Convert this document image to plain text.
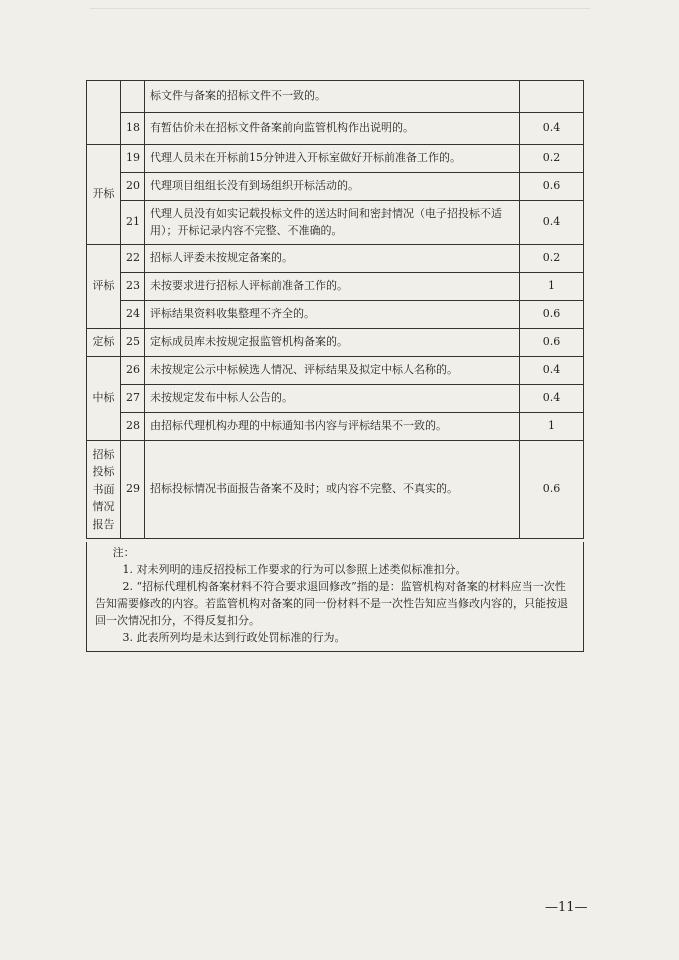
		标文件与备案的招标文件不一致的。	
	18	有暂估价未在招标文件备案前向监管机构作出说明的。	0.4
开标	19	代理人员未在开标前15分钟进入开标室做好开标前准备工作的。	0.2
	20	代理项目组组长没有到场组织开标活动的。	0.6
	21	代理人员没有如实记载投标文件的送达时间和密封情况（电子招投标不适用）；开标记录内容不完整、不准确的。	0.4
评标	22	招标人评委未按规定备案的。	0.2
	23	未按要求进行招标人评标前准备工作的。	1
	24	评标结果资料收集整理不齐全的。	0.6
定标	25	定标成员库未按规定报监管机构备案的。	0.6
中标	26	未按规定公示中标候选人情况、评标结果及拟定中标人名称的。	0.4
	27	未按规定发布中标人公告的。	0.4
	28	由招标代理机构办理的中标通知书内容与评标结果不一致的。	1
招标投标书面情况报告	29	招标投标情况书面报告备案不及时；或内容不完整、不真实的。	0.6

注：

1. 对未列明的违反招投标工作要求的行为可以参照上述类似标准扣分。

2. “招标代理机构备案材料不符合要求退回修改”指的是：监管机构对备案的材料应当一次性告知需要修改的内容。若监管机构对备案的同一份材料不是一次性告知应当修改内容的，只能按退回一次情况扣分，不得反复扣分。

3. 此表所列均是未达到行政处罚标准的行为。

—11—
